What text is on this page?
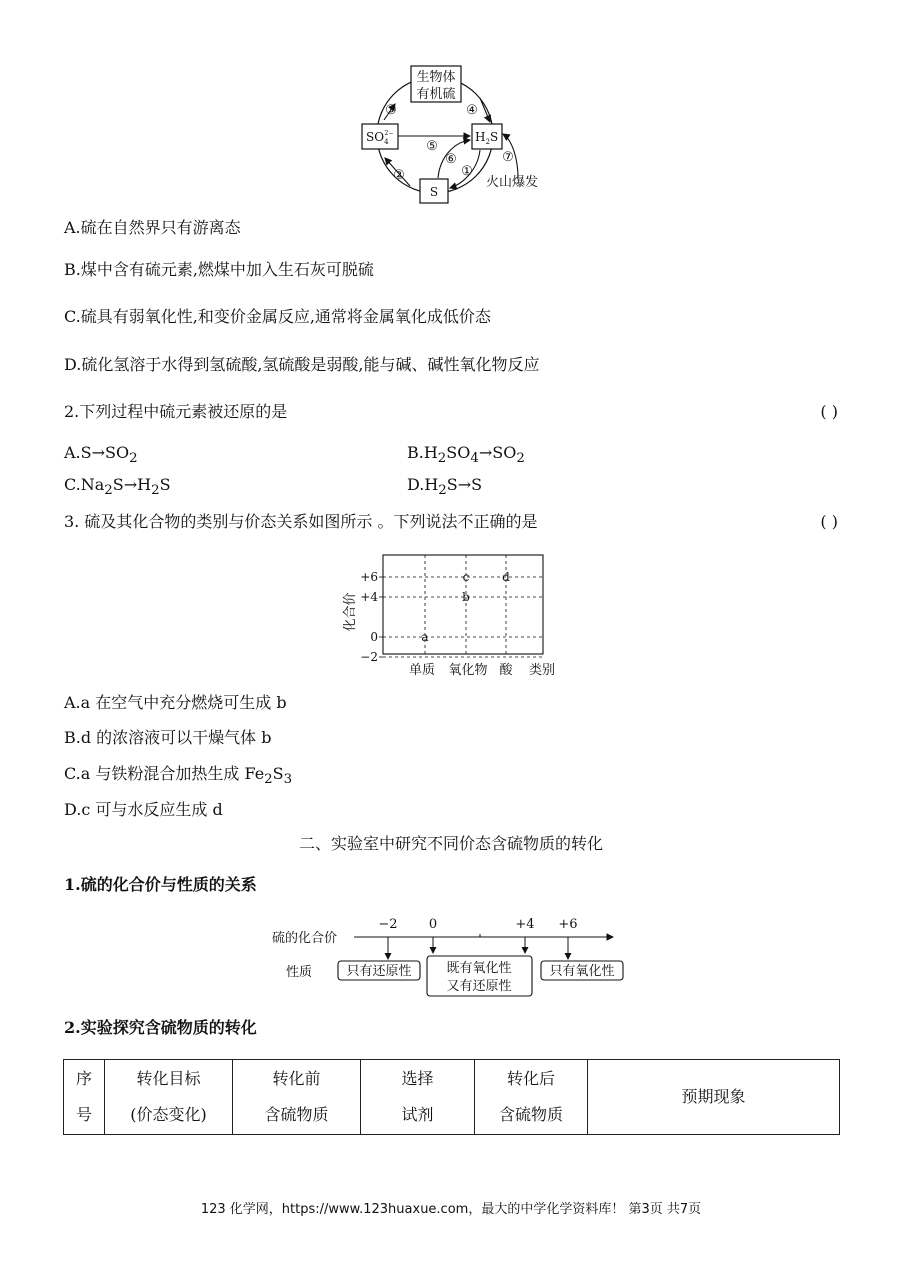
生物体
有机硫
$SO_42-$	$H_2S$
S
③	④
⑤
⑥
①
②
⑦
火山爆发
A.硫在自然界只有游离态
B.煤中含有硫元素,燃煤中加入生石灰可脱硫
C.硫具有弱氧化性,和变价金属反应,通常将金属氧化成低价态
D.硫化氢溶于水得到氢硫酸,氢硫酸是弱酸,能与碱、碱性氧化物反应
2.下列过程中硫元素被还原的是	( )
$A.S\to SO_2$	$B.H_2SO_4\to SO_2$
$C.Na_2S\to H_2S$	$D.H_2S\to S$
3. 硫及其化合物的类别与价态关系如图所示 。下列说法不正确的是	( )
+6
+4
0
−2
单质 氧化物 酸 类别
a
b
c	d
化合价
A.a 在空气中充分燃烧可生成 b
B.d 的浓溶液可以干燥气体 b
C.a 与铁粉混合加热生成 $Fe_2S_3$
D.c 可与水反应生成 d
二、实验室中研究不同价态含硫物质的转化
1.硫的化合价与性质的关系
硫的化合价
−2 0	+4 +6
性质	只有还原性	既有氧化性
又有还原性
只有氧化性
2.实验探究含硫物质的转化
序
号

转化目标
(价态变化)

转化前
含硫物质

选择
试剂

转化后
含硫物质

预期现象
123 化学网，https://www.123huaxue.com，最大的中学化学资料库！ 第3页 共7页
